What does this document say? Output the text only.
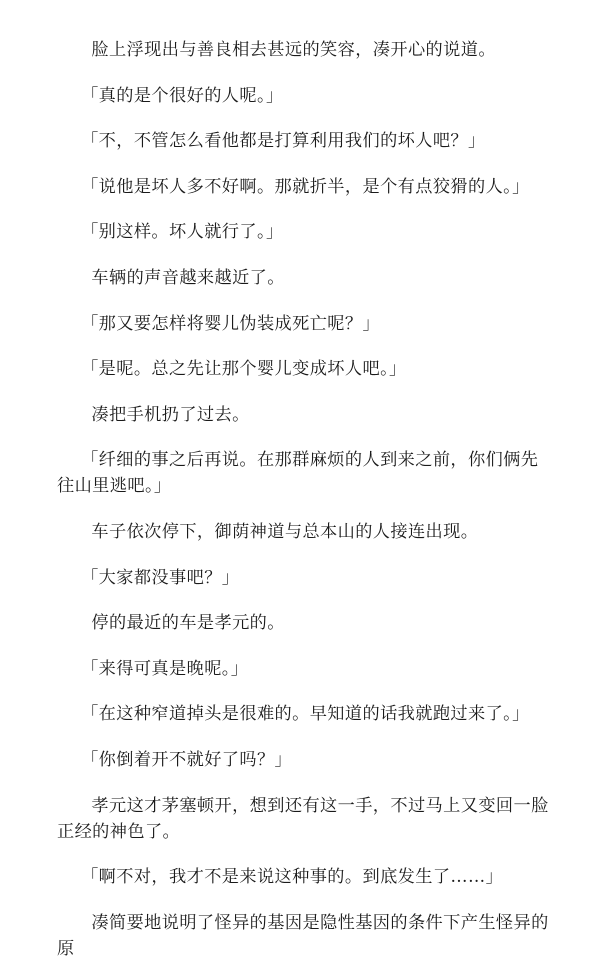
脸上浮现出与善良相去甚远的笑容，凑开心的说道。

「真的是个很好的人呢。」

「不，不管怎么看他都是打算利用我们的坏人吧？」

「说他是坏人多不好啊。那就折半，是个有点狡猾的人。」

「别这样。坏人就行了。」

车辆的声音越来越近了。

「那又要怎样将婴儿伪装成死亡呢？」

「是呢。总之先让那个婴儿变成坏人吧。」

凑把手机扔了过去。

「纤细的事之后再说。在那群麻烦的人到来之前，你们俩先往山里逃吧。」

车子依次停下，御荫神道与总本山的人接连出现。

「大家都没事吧？」

停的最近的车是孝元的。

「来得可真是晚呢。」

「在这种窄道掉头是很难的。早知道的话我就跑过来了。」

「你倒着开不就好了吗？」

孝元这才茅塞顿开，想到还有这一手，不过马上又变回一脸正经的神色了。

「啊不对，我才不是来说这种事的。到底发生了……」

凑简要地说明了怪异的基因是隐性基因的条件下产生怪异的原
